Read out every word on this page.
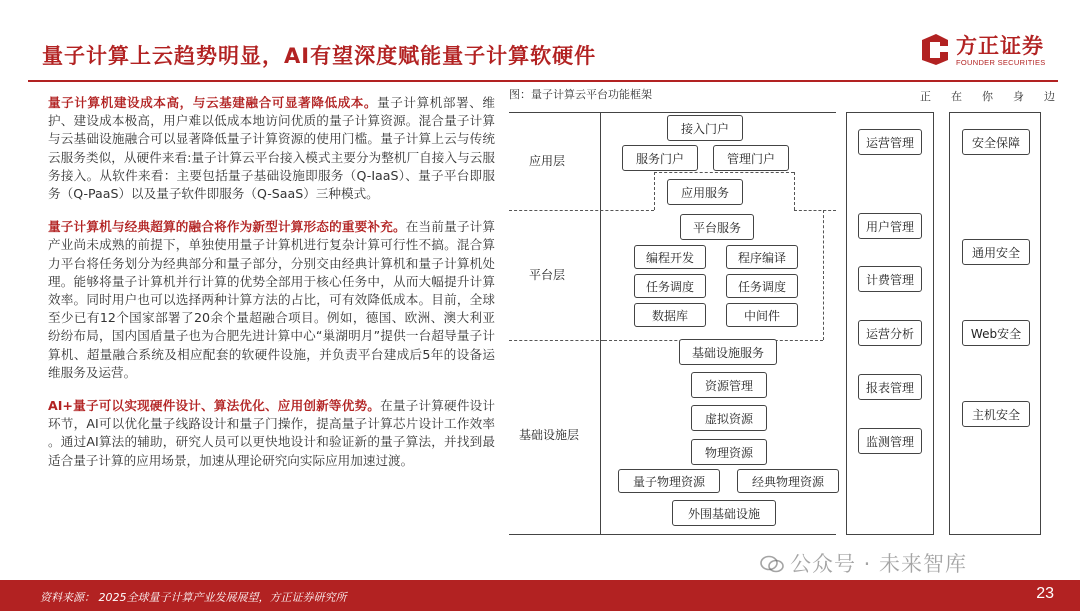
量子计算上云趋势明显，AI有望深度赋能量子计算软硬件	方正证券
FOUNDER SECURITIES
正 在 你 身 边

量子计算机建设成本高，与云基建融合可显著降低成本。量子计算机部署、维护、建设成本极高，用户难以低成本地访问优质的量子计算资源。混合量子计算与云基础设施融合可以显著降低量子计算资源的使用门槛。量子计算上云与传统云服务类似，从硬件来看:量子计算云平台接入模式主要分为整机厂自接入与云服务接入。从软件来看：主要包括量子基础设施即服务（Q-IaaS）、量子平台即服务（Q-PaaS）以及量子软件即服务（Q-SaaS）三种模式。

量子计算机与经典超算的融合将作为新型计算形态的重要补充。在当前量子计算产业尚未成熟的前提下，单独使用量子计算机进行复杂计算可行性不搞。混合算力平台将任务划分为经典部分和量子部分，分别交由经典计算机和量子计算机处理。能够将量子计算机并行计算的优势全部用于核心任务中，从而大幅提升计算效率。同时用户也可以选择两种计算方法的占比，可有效降低成本。目前，全球至少已有12个国家部署了20余个量超融合项目。例如，德国、欧洲、澳大利亚纷纷布局，国内国盾量子也为合肥先进计算中心“巢湖明月”提供一台超导量子计算机、超量融合系统及相应配套的软硬件设施，并负责平台建成后5年的设备运维服务及运营。

AI+量子可以实现硬件设计、算法优化、应用创新等优势。在量子计算硬件设计环节，AI可以优化量子线路设计和量子门操作，提高量子计算芯片设计工作效率 。通过AI算法的辅助，研究人员可以更快地设计和验证新的量子算法，并找到最适合量子计算的应用场景，加速从理论研究向实际应用加速过渡。

图：量子计算云平台功能框架
应用层
平台层
基础设施层
接入门户
服务门户	管理门户
应用服务
平台服务
编程开发	程序编译
任务调度	任务调度
数据库	中间件
基础设施服务
资源管理
虚拟资源
物理资源
量子物理资源	经典物理资源
外围基础设施
运营管理
用户管理
计费管理
运营分析
报表管理
监测管理
安全保障
通用安全
Web安全
主机安全
公众号 · 未来智库
资料来源： 2025全球量子计算产业发展展望，方正证券研究所	23
